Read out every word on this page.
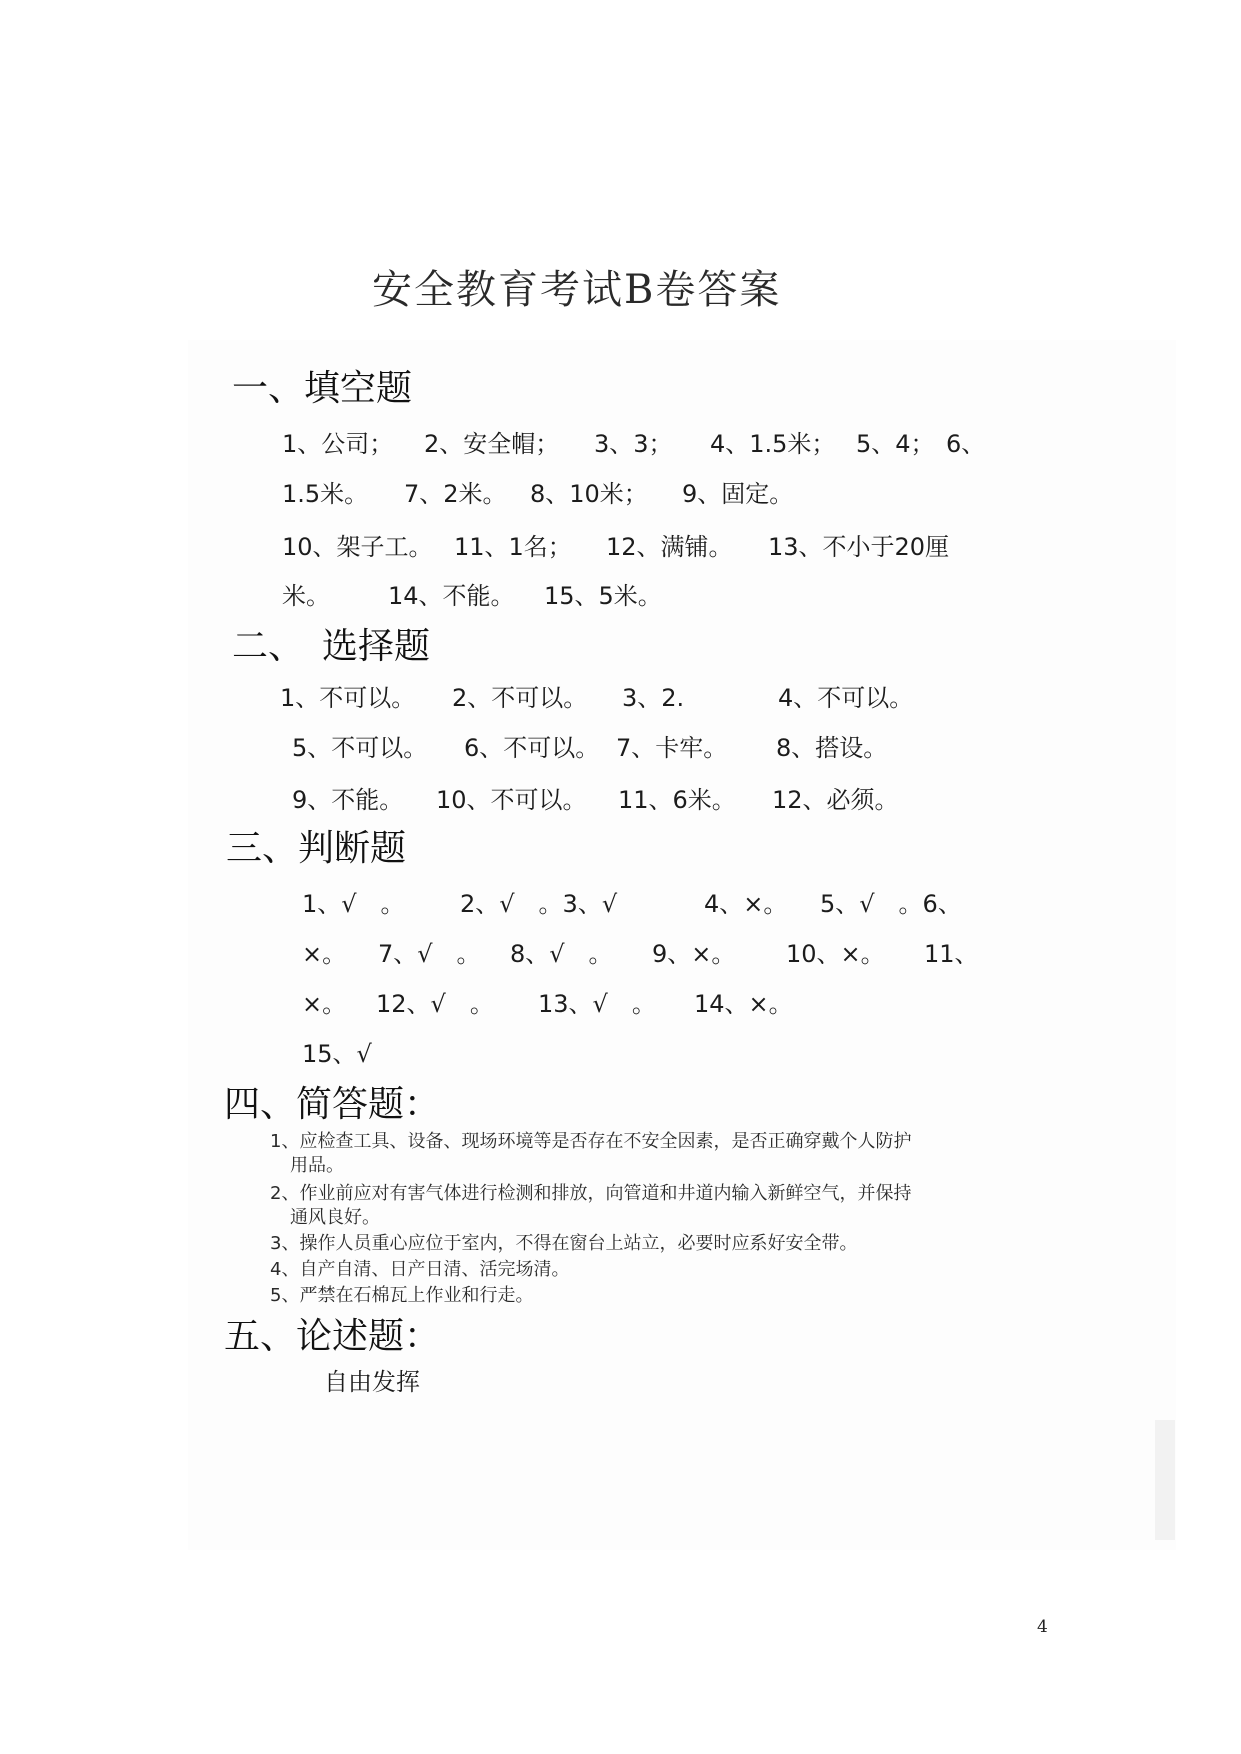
安全教育考试B卷答案
一、填空题
1、公司； 2、安全帽； 3、3； 4、1.5米； 5、4； 6、
1.5米。 7、2米。 8、10米； 9、固定。
10、架子工。 11、1名； 12、满铺。 13、不小于20厘
米。 14、不能。 15、5米。
二、　选择题
1、不可以。 2、不可以。 3、2.	4、不可以。
5、不可以。 6、不可以。 7、卡牢。 8、搭设。
9、不能。 10、不可以。 11、6米。 12、必须。
三、判断题
1、√　。 2、√　。3、√	4、×。 5、√　。6、
×。 7、√　。 8、√　。 9、×。 10、×。 11、
×。 12、√　。 13、√　。 14、×。
15、√
四、简答题：
1、应检查工具、设备、现场环境等是否存在不安全因素，是否正确穿戴个人防护
用品。
2、作业前应对有害气体进行检测和排放，向管道和井道内输入新鲜空气，并保持
通风良好。
3、操作人员重心应位于室内，不得在窗台上站立，必要时应系好安全带。
4、自产自清、日产日清、活完场清。
5、严禁在石棉瓦上作业和行走。
五、论述题：
自由发挥
4
